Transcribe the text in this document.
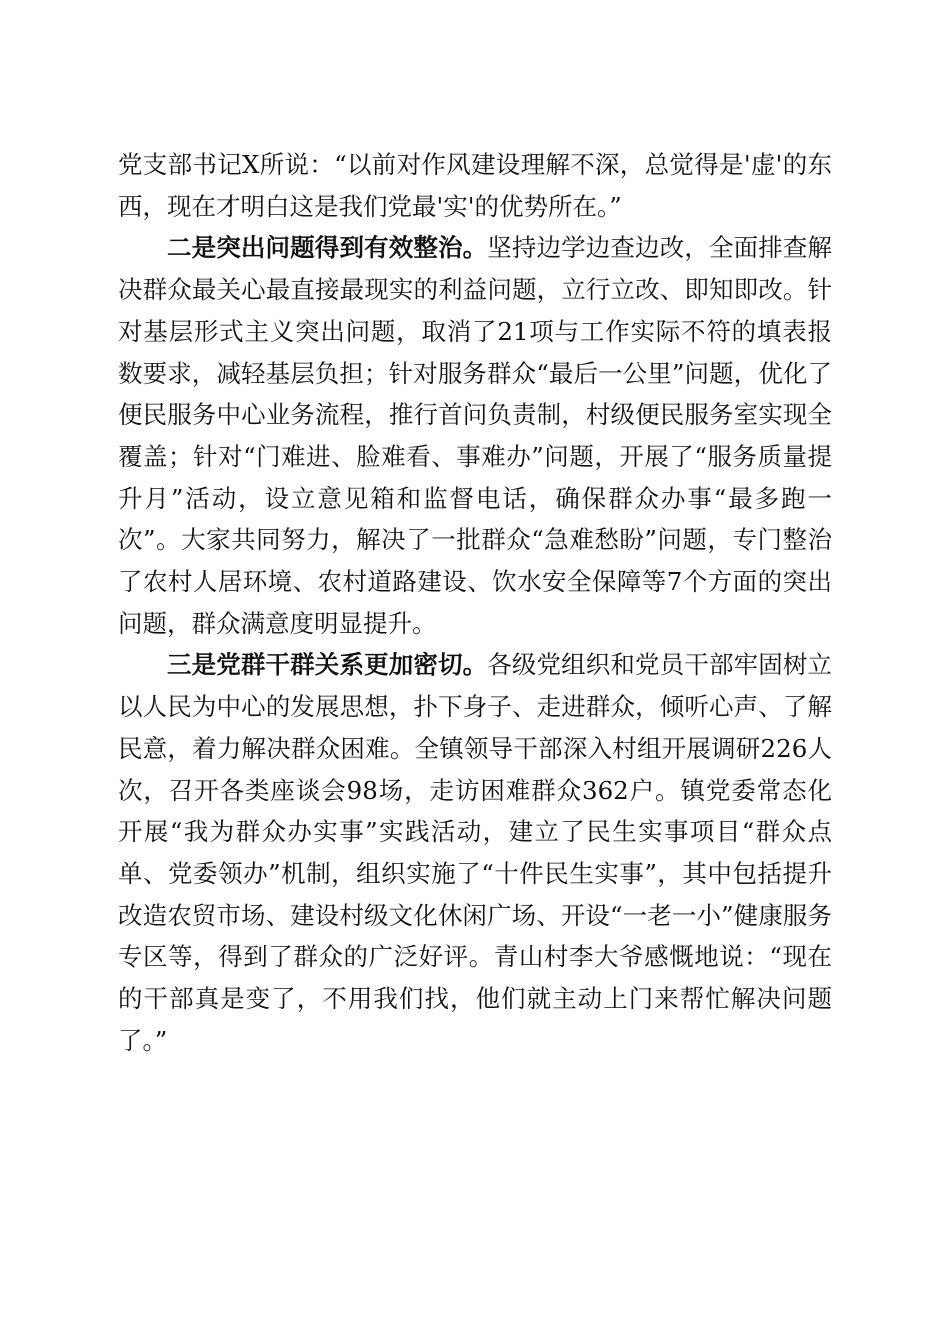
党支部书记X所说：“以前对作风建设理解不深，总觉得是'虚'的东西，现在才明白这是我们党最'实'的优势所在。”

二是突出问题得到有效整治。坚持边学边查边改，全面排查解决群众最关心最直接最现实的利益问题，立行立改、即知即改。针对基层形式主义突出问题，取消了21项与工作实际不符的填表报数要求，减轻基层负担；针对服务群众“最后一公里”问题，优化了便民服务中心业务流程，推行首问负责制，村级便民服务室实现全覆盖；针对“门难进、脸难看、事难办”问题，开展了“服务质量提升月”活动，设立意见箱和监督电话，确保群众办事“最多跑一次”。大家共同努力，解决了一批群众“急难愁盼”问题，专门整治了农村人居环境、农村道路建设、饮水安全保障等7个方面的突出问题，群众满意度明显提升。

三是党群干群关系更加密切。各级党组织和党员干部牢固树立以人民为中心的发展思想，扑下身子、走进群众，倾听心声、了解民意，着力解决群众困难。全镇领导干部深入村组开展调研226人次，召开各类座谈会98场，走访困难群众362户。镇党委常态化开展“我为群众办实事”实践活动，建立了民生实事项目“群众点单、党委领办”机制，组织实施了“十件民生实事”，其中包括提升改造农贸市场、建设村级文化休闲广场、开设“一老一小”健康服务专区等，得到了群众的广泛好评。青山村李大爷感慨地说：“现在的干部真是变了，不用我们找，他们就主动上门来帮忙解决问题了。”
